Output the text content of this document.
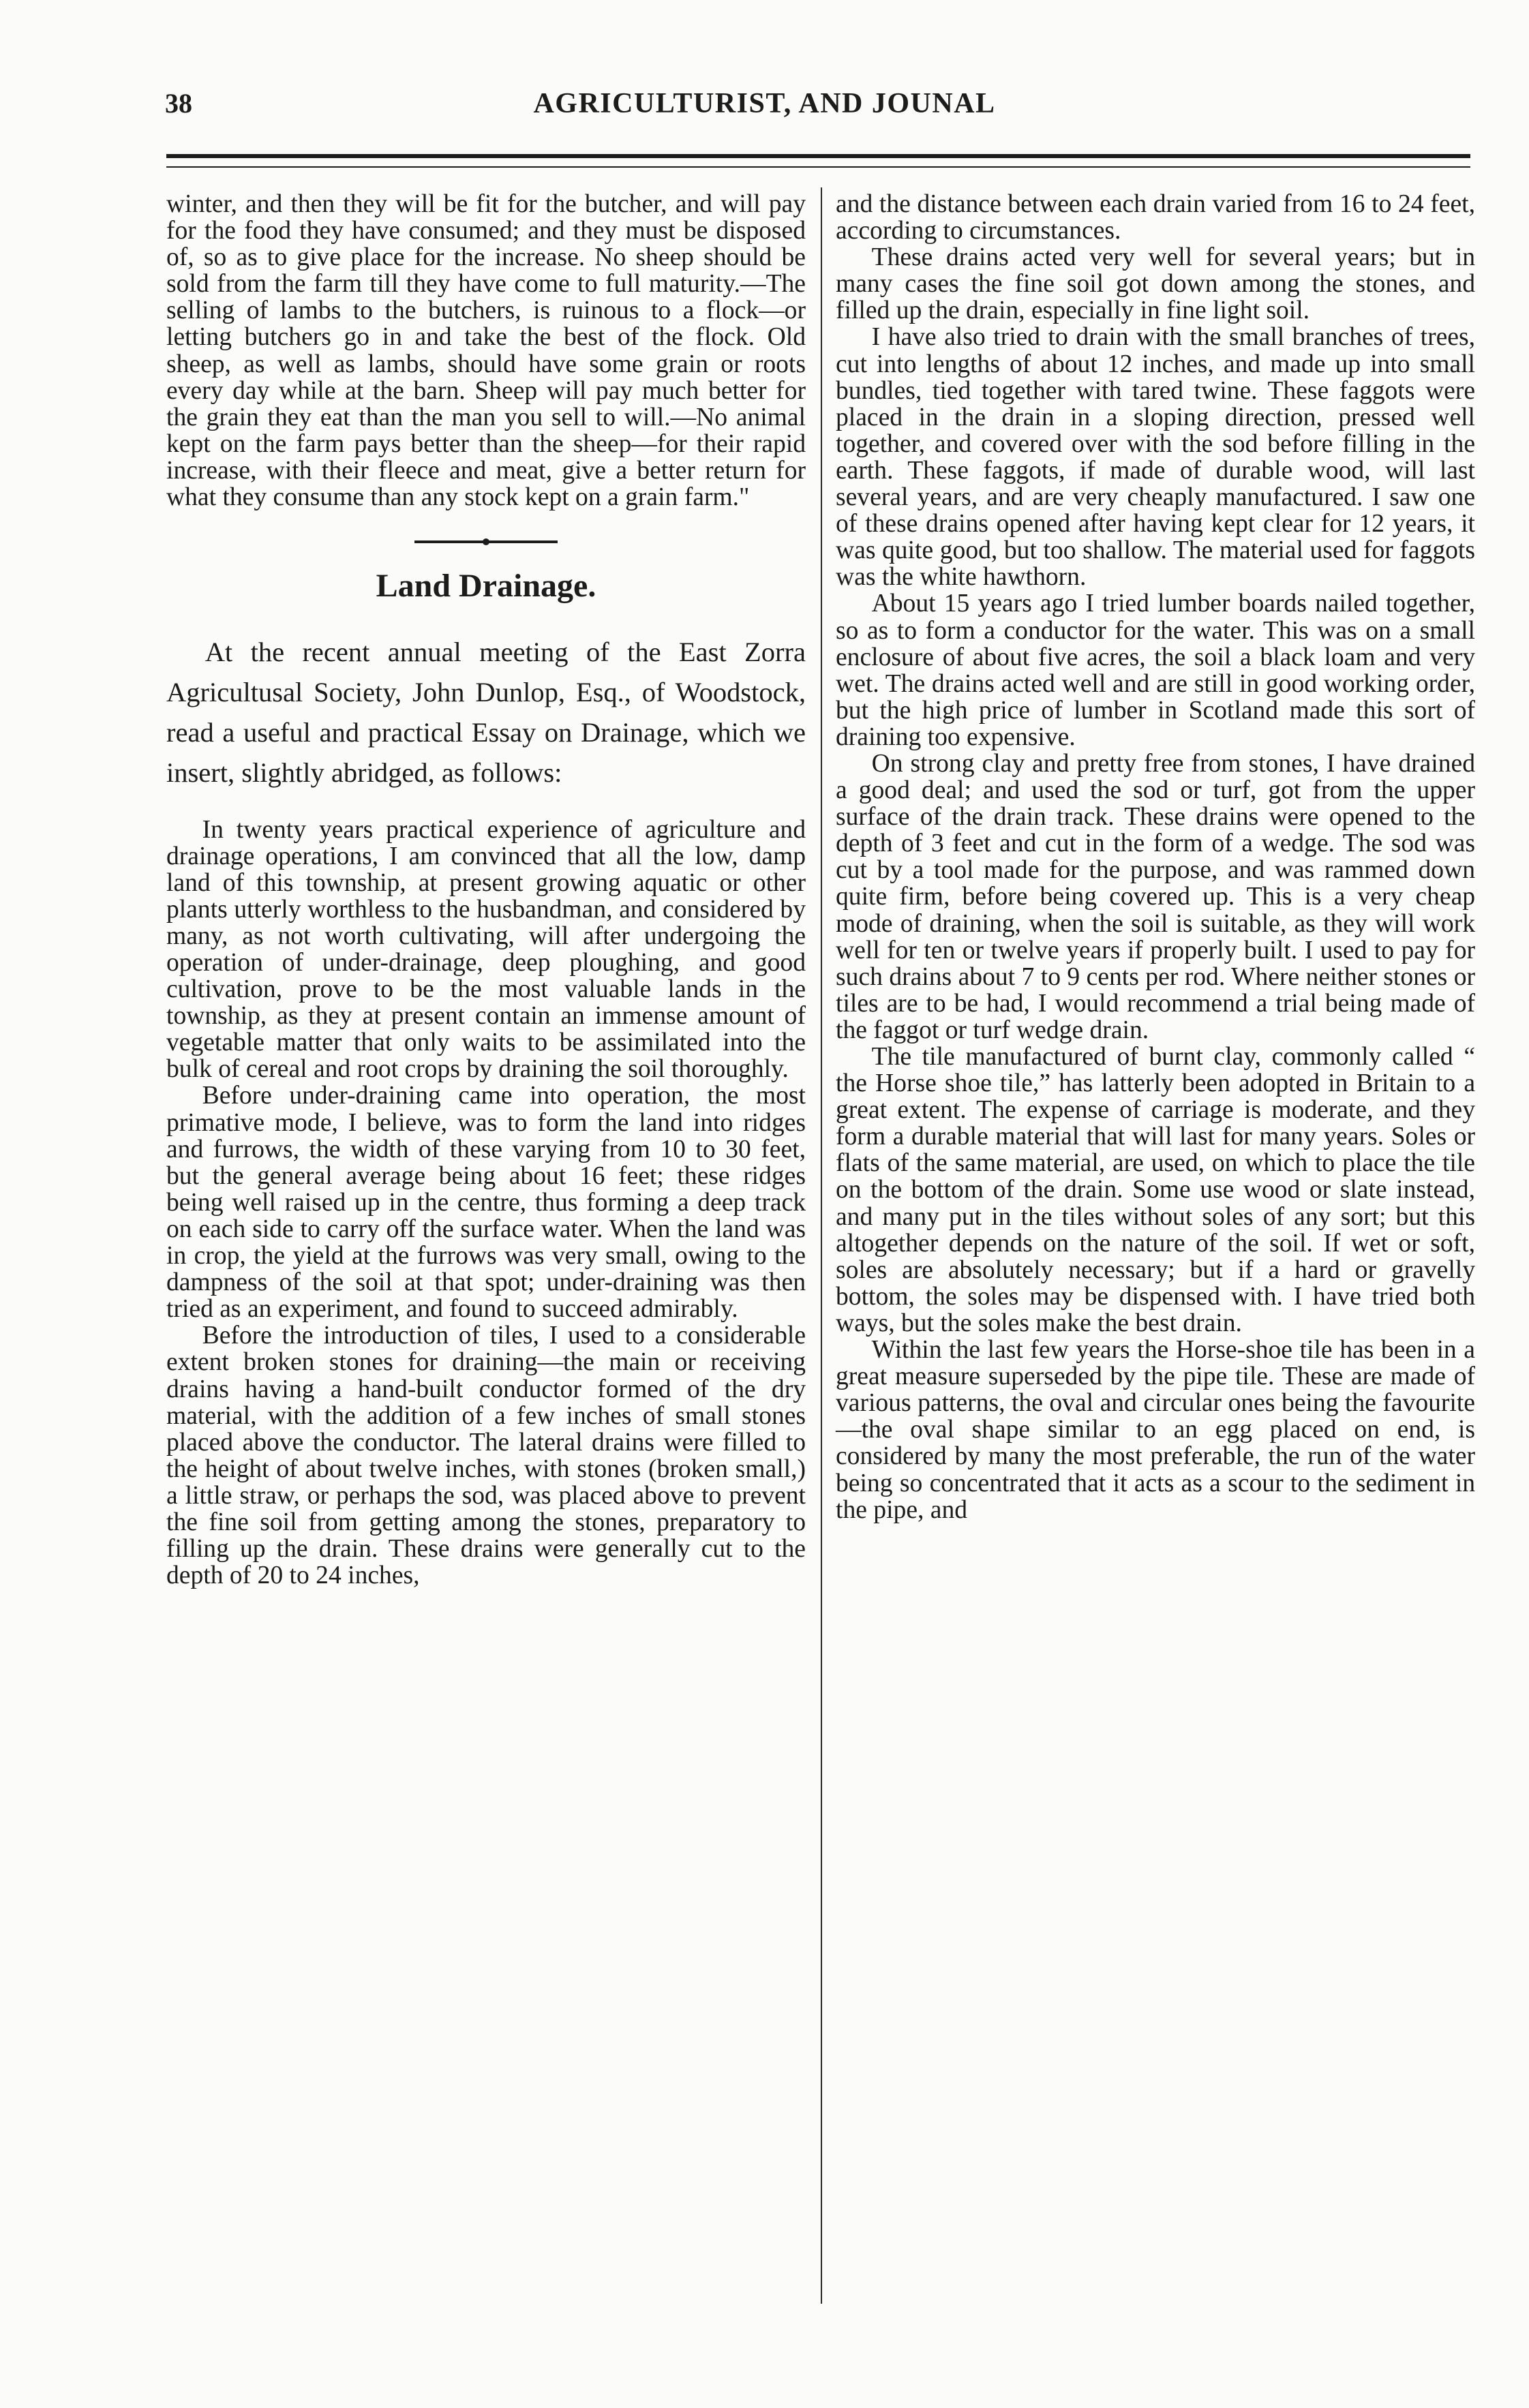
38	AGRICULTURIST, AND JOUNAL

winter, and then they will be fit for the butcher, and will pay for the food they have consumed; and they must be disposed of, so as to give place for the increase. No sheep should be sold from the farm till they have come to full maturity.—The selling of lambs to the butchers, is ruinous to a flock—or letting butchers go in and take the best of the flock. Old sheep, as well as lambs, should have some grain or roots every day while at the barn. Sheep will pay much better for the grain they eat than the man you sell to will.—No animal kept on the farm pays better than the sheep—for their rapid increase, with their fleece and meat, give a better return for what they consume than any stock kept on a grain farm."

Land Drainage.

At the recent annual meeting of the East Zorra Agricultusal Society, John Dunlop, Esq., of Woodstock, read a useful and practical Essay on Drainage, which we insert, slightly abridged, as follows:

In twenty years practical experience of agriculture and drainage operations, I am convinced that all the low, damp land of this township, at present growing aquatic or other plants utterly worthless to the husbandman, and considered by many, as not worth cultivating, will after undergoing the operation of under-drainage, deep ploughing, and good cultivation, prove to be the most valuable lands in the township, as they at present contain an immense amount of vegetable matter that only waits to be assimilated into the bulk of cereal and root crops by draining the soil thoroughly.

Before under-draining came into operation, the most primative mode, I believe, was to form the land into ridges and furrows, the width of these varying from 10 to 30 feet, but the general average being about 16 feet; these ridges being well raised up in the centre, thus forming a deep track on each side to carry off the surface water. When the land was in crop, the yield at the furrows was very small, owing to the dampness of the soil at that spot; under-draining was then tried as an experiment, and found to succeed admirably.

Before the introduction of tiles, I used to a considerable extent broken stones for draining—the main or receiving drains having a hand-built conductor formed of the dry material, with the addition of a few inches of small stones placed above the conductor. The lateral drains were filled to the height of about twelve inches, with stones (broken small,) a little straw, or perhaps the sod, was placed above to prevent the fine soil from getting among the stones, preparatory to filling up the drain. These drains were generally cut to the depth of 20 to 24 inches,

and the distance between each drain varied from 16 to 24 feet, according to circumstances.

These drains acted very well for several years; but in many cases the fine soil got down among the stones, and filled up the drain, especially in fine light soil.

I have also tried to drain with the small branches of trees, cut into lengths of about 12 inches, and made up into small bundles, tied together with tared twine. These faggots were placed in the drain in a sloping direction, pressed well together, and covered over with the sod before filling in the earth. These faggots, if made of durable wood, will last several years, and are very cheaply manufactured. I saw one of these drains opened after having kept clear for 12 years, it was quite good, but too shallow. The material used for faggots was the white hawthorn.

About 15 years ago I tried lumber boards nailed together, so as to form a conductor for the water. This was on a small enclosure of about five acres, the soil a black loam and very wet. The drains acted well and are still in good working order, but the high price of lumber in Scotland made this sort of draining too expensive.

On strong clay and pretty free from stones, I have drained a good deal; and used the sod or turf, got from the upper surface of the drain track. These drains were opened to the depth of 3 feet and cut in the form of a wedge. The sod was cut by a tool made for the purpose, and was rammed down quite firm, before being covered up. This is a very cheap mode of draining, when the soil is suitable, as they will work well for ten or twelve years if properly built. I used to pay for such drains about 7 to 9 cents per rod. Where neither stones or tiles are to be had, I would recommend a trial being made of the faggot or turf wedge drain.

The tile manufactured of burnt clay, commonly called “ the Horse shoe tile,” has latterly been adopted in Britain to a great extent. The expense of carriage is moderate, and they form a durable material that will last for many years. Soles or flats of the same material, are used, on which to place the tile on the bottom of the drain. Some use wood or slate instead, and many put in the tiles without soles of any sort; but this altogether depends on the nature of the soil. If wet or soft, soles are absolutely necessary; but if a hard or gravelly bottom, the soles may be dispensed with. I have tried both ways, but the soles make the best drain.

Within the last few years the Horse-shoe tile has been in a great measure superseded by the pipe tile. These are made of various patterns, the oval and circular ones being the favourite—the oval shape similar to an egg placed on end, is considered by many the most preferable, the run of the water being so concentrated that it acts as a scour to the sediment in the pipe, and
